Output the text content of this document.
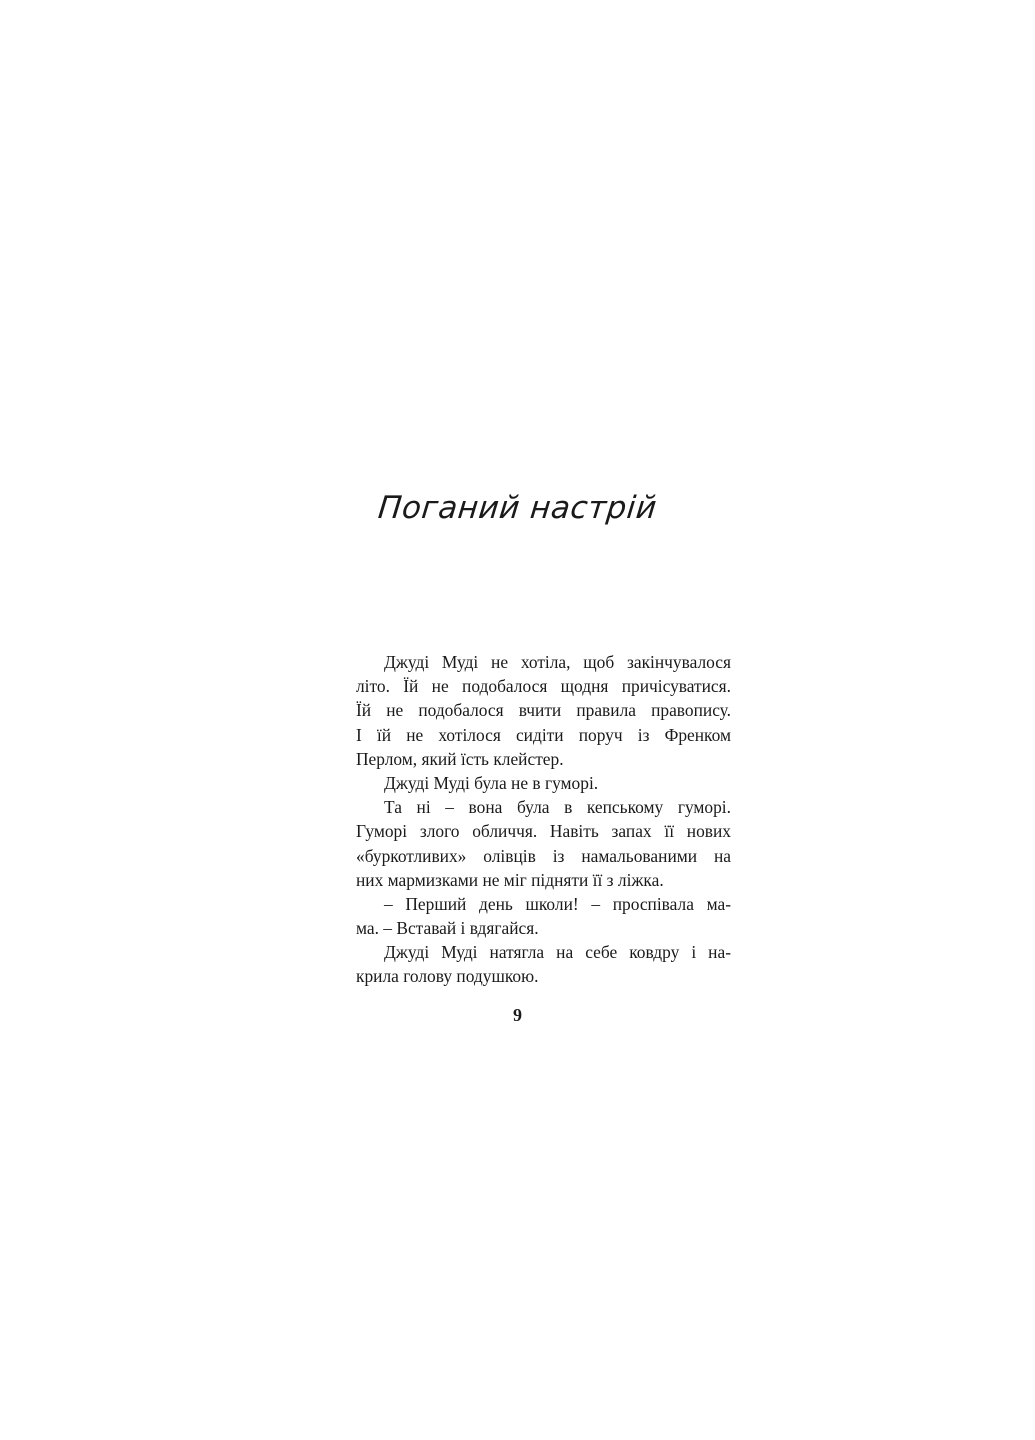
Поганий настрій
Джуді Муді не хотіла, щоб закінчувалося
літо. Їй не подобалося щодня причісуватися.
Їй не подобалося вчити правила правопису.
І їй не хотілося сидіти поруч із Френком
Перлом, який їсть клейстер.
Джуді Муді була не в гуморі.
Та ні – вона була в кепському гуморі.
Гуморі злого обличчя. Навіть запах її нових
«буркотливих» олівців із намальованими на
них мармизками не міг підняти її з ліжка.
– Перший день школи! – проспівала ма-
ма. – Вставай і вдягайся.
Джуді Муді натягла на себе ковдру і на-
крила голову подушкою.
9
